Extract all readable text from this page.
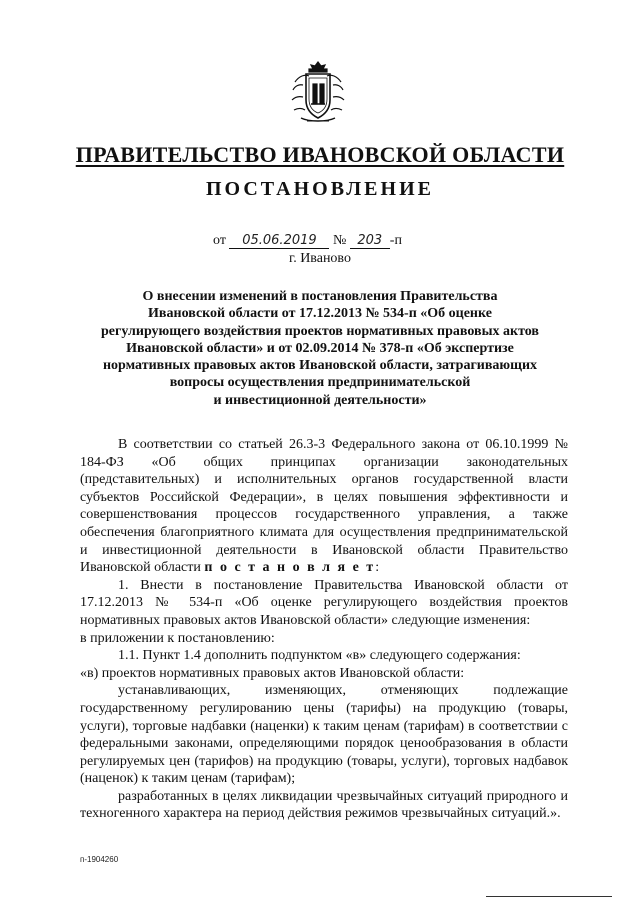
ПРАВИТЕЛЬСТВО ИВАНОВСКОЙ ОБЛАСТИ
ПОСТАНОВЛЕНИЕ
от 05.06.2019 № 203 -п
г. Иваново

О внесении изменений в постановления Правительства
Ивановской области от 17.12.2013 № 534-п «Об оценке
регулирующего воздействия проектов нормативных правовых актов
Ивановской области» и от 02.09.2014 № 378-п «Об экспертизе
нормативных правовых актов Ивановской области, затрагивающих
вопросы осуществления предпринимательской
и инвестиционной деятельности»

В соответствии со статьей 26.3-3 Федерального закона от 06.10.1999 № 184-ФЗ «Об общих принципах организации законодательных (представительных) и исполнительных органов государственной власти субъектов Российской Федерации», в целях повышения эффективности и совершенствования процессов государственного управления, а также обеспечения благоприятного климата для осуществления предпринимательской и инвестиционной деятельности в Ивановской области Правительство Ивановской области п о с т а н о в л я е т:

1. Внести в постановление Правительства Ивановской области от 17.12.2013 № 534-п «Об оценке регулирующего воздействия проектов нормативных правовых актов Ивановской области» следующие изменения:

в приложении к постановлению:

1.1. Пункт 1.4 дополнить подпунктом «в» следующего содержания:

«в) проектов нормативных правовых актов Ивановской области:

устанавливающих, изменяющих, отменяющих подлежащие государственному регулированию цены (тарифы) на продукцию (товары, услуги), торговые надбавки (наценки) к таким ценам (тарифам) в соответствии с федеральными законами, определяющими порядок ценообразования в области регулируемых цен (тарифов) на продукцию (товары, услуги), торговых надбавок (наценок) к таким ценам (тарифам);

разработанных в целях ликвидации чрезвычайных ситуаций природного и техногенного характера на период действия режимов чрезвычайных ситуаций.».

п-1904260
